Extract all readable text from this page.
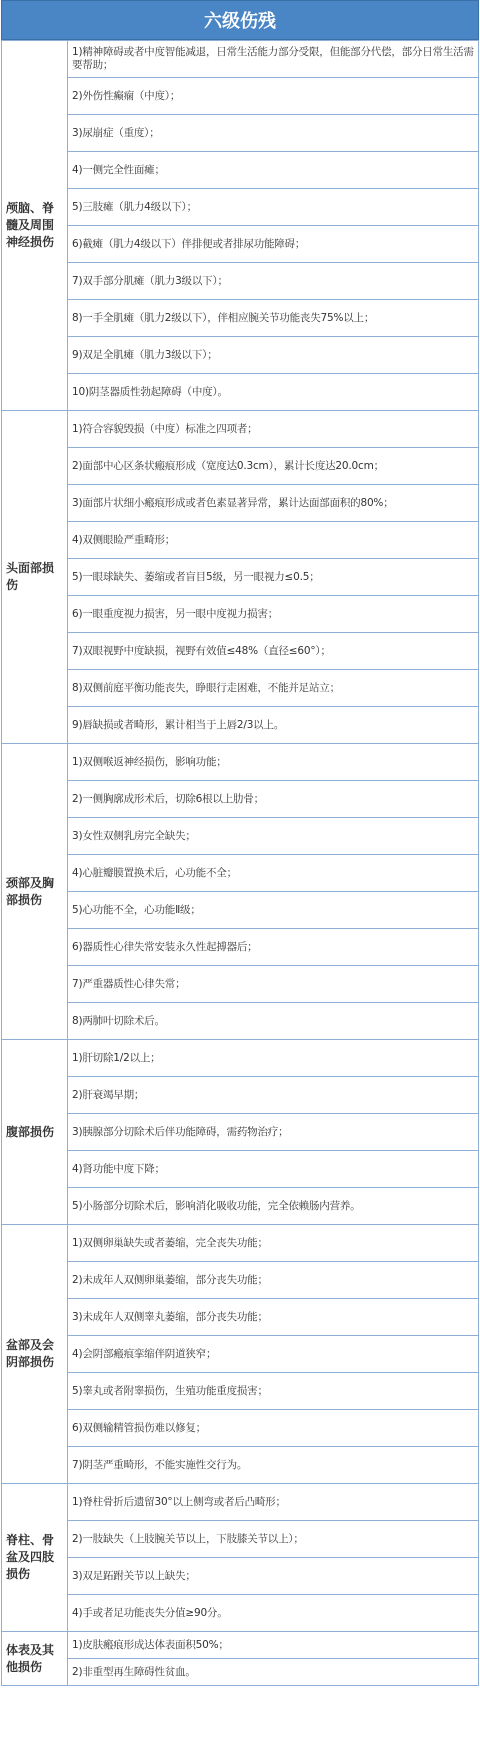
六级伤残
颅脑、脊髓及周围神经损伤	1)精神障碍或者中度智能减退，日常生活能力部分受限，但能部分代偿，部分日常生活需要帮助；
	2)外伤性癫痫（中度）；
	3)尿崩症（重度）；
	4)一侧完全性面瘫；
	5)三肢瘫（肌力4级以下）；
	6)截瘫（肌力4级以下）伴排便或者排尿功能障碍；
	7)双手部分肌瘫（肌力3级以下）；
	8)一手全肌瘫（肌力2级以下），伴相应腕关节功能丧失75%以上；
	9)双足全肌瘫（肌力3级以下）；
	10)阴茎器质性勃起障碍（中度）。
头面部损伤	1)符合容貌毁损（中度）标准之四项者；
	2)面部中心区条状瘢痕形成（宽度达0.3cm），累计长度达20.0cm；
	3)面部片状细小瘢痕形成或者色素显著异常，累计达面部面积的80%；
	4)双侧眼睑严重畸形；
	5)一眼球缺失、萎缩或者盲目5级，另一眼视力≤0.5；
	6)一眼重度视力损害，另一眼中度视力损害；
	7)双眼视野中度缺损，视野有效值≤48%（直径≤60°）；
	8)双侧前庭平衡功能丧失，睁眼行走困难，不能并足站立；
	9)唇缺损或者畸形，累计相当于上唇2/3以上。
颈部及胸部损伤	1)双侧喉返神经损伤，影响功能；
	2)一侧胸廓成形术后，切除6根以上肋骨；
	3)女性双侧乳房完全缺失；
	4)心脏瓣膜置换术后，心功能不全；
	5)心功能不全，心功能Ⅱ级；
	6)器质性心律失常安装永久性起搏器后；
	7)严重器质性心律失常；
	8)两肺叶切除术后。
腹部损伤	1)肝切除1/2以上；
	2)肝衰竭早期；
	3)胰腺部分切除术后伴功能障碍，需药物治疗；
	4)肾功能中度下降；
	5)小肠部分切除术后，影响消化吸收功能，完全依赖肠内营养。
盆部及会阴部损伤	1)双侧卵巢缺失或者萎缩，完全丧失功能；
	2)未成年人双侧卵巢萎缩，部分丧失功能；
	3)未成年人双侧睾丸萎缩，部分丧失功能；
	4)会阴部瘢痕挛缩伴阴道狭窄；
	5)睾丸或者附睾损伤，生殖功能重度损害；
	6)双侧输精管损伤难以修复；
	7)阴茎严重畸形，不能实施性交行为。
脊柱、骨盆及四肢损伤	1)脊柱骨折后遗留30°以上侧弯或者后凸畸形；
	2)一肢缺失（上肢腕关节以上，下肢膝关节以上）；
	3)双足跖跗关节以上缺失；
	4)手或者足功能丧失分值≥90分。
体表及其他损伤	1)皮肤瘢痕形成达体表面积50%；
	2)非重型再生障碍性贫血。
